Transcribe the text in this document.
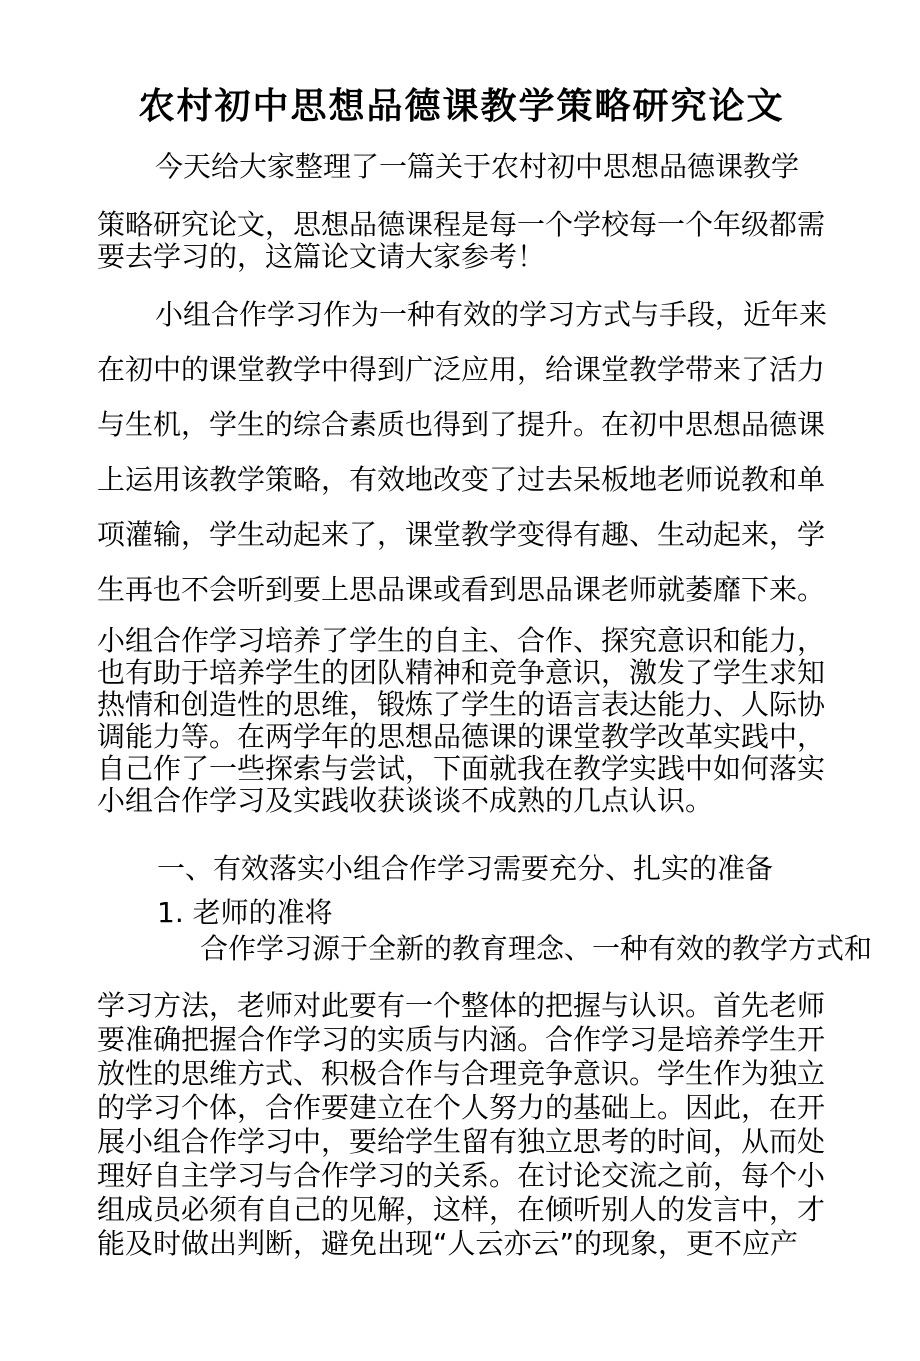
农村初中思想品德课教学策略研究论文
今天给大家整理了一篇关于农村初中思想品德课教学
策略研究论文，思想品德课程是每一个学校每一个年级都需
要去学习的，这篇论文请大家参考！
小组合作学习作为一种有效的学习方式与手段，近年来
在初中的课堂教学中得到广泛应用，给课堂教学带来了活力
与生机，学生的综合素质也得到了提升。在初中思想品德课
上运用该教学策略，有效地改变了过去呆板地老师说教和单
项灌输，学生动起来了，课堂教学变得有趣、生动起来，学
生再也不会听到要上思品课或看到思品课老师就萎靡下来。
小组合作学习培养了学生的自主、合作、探究意识和能力，
也有助于培养学生的团队精神和竞争意识，激发了学生求知
热情和创造性的思维，锻炼了学生的语言表达能力、人际协
调能力等。在两学年的思想品德课的课堂教学改革实践中，
自己作了一些探索与尝试，下面就我在教学实践中如何落实
小组合作学习及实践收获谈谈不成熟的几点认识。
一、有效落实小组合作学习需要充分、扎实的准备
1. 老师的准将
合作学习源于全新的教育理念、一种有效的教学方式和
学习方法，老师对此要有一个整体的把握与认识。首先老师
要准确把握合作学习的实质与内涵。合作学习是培养学生开
放性的思维方式、积极合作与合理竞争意识。学生作为独立
的学习个体，合作要建立在个人努力的基础上。因此，在开
展小组合作学习中，要给学生留有独立思考的时间，从而处
理好自主学习与合作学习的关系。在讨论交流之前，每个小
组成员必须有自己的见解，这样，在倾听别人的发言中，才
能及时做出判断，避免出现“人云亦云”的现象，更不应产
